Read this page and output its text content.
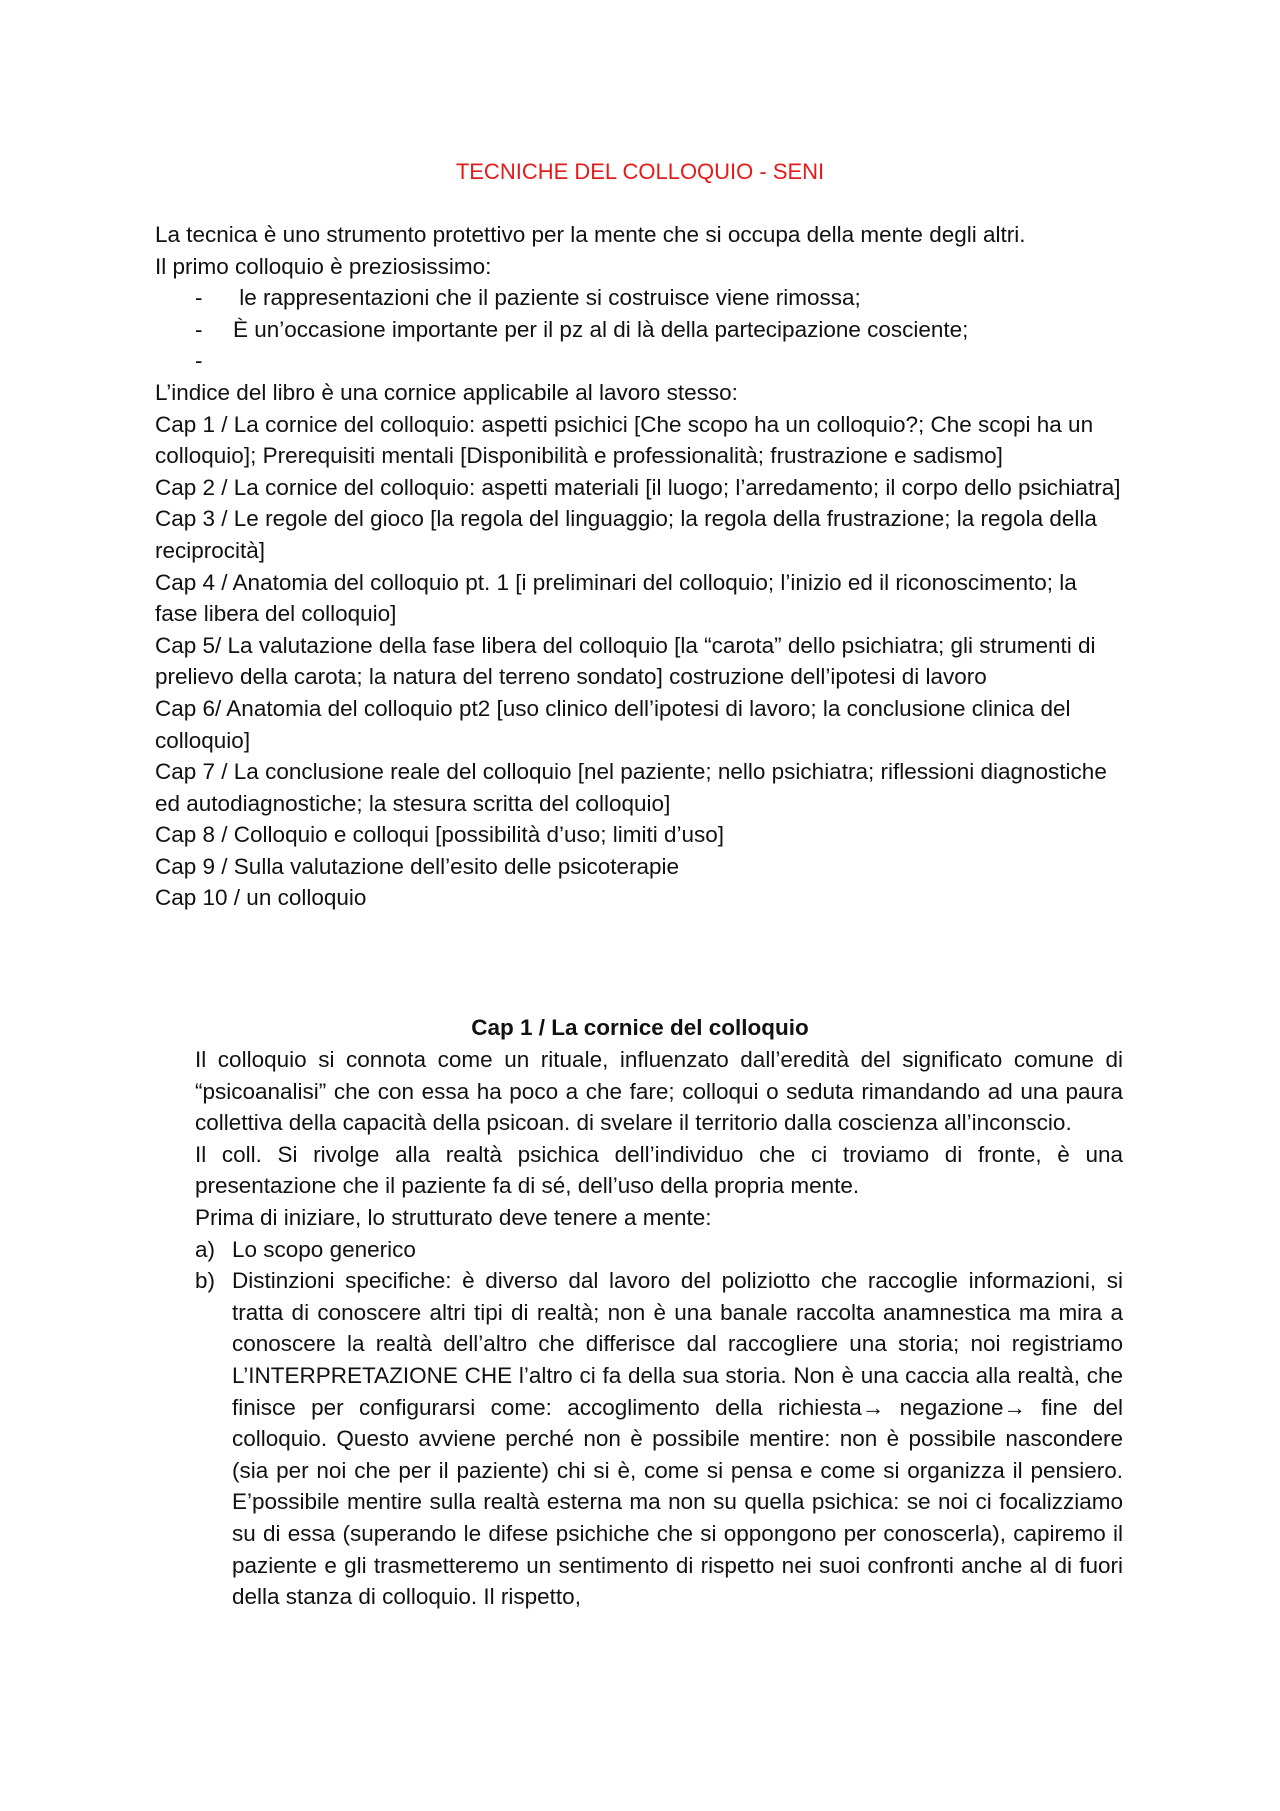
TECNICHE DEL COLLOQUIO - SENI

La tecnica è uno strumento protettivo per la mente che si occupa della mente degli altri.

Il primo colloquio è preziosissimo:

- le rappresentazioni che il paziente si costruisce viene rimossa;

- È un’occasione importante per il pz al di là della partecipazione cosciente;

-

L’indice del libro è una cornice applicabile al lavoro stesso:

Cap 1 / La cornice del colloquio: aspetti psichici [Che scopo ha un colloquio?; Che scopi ha un colloquio]; Prerequisiti mentali [Disponibilità e professionalità; frustrazione e sadismo]

Cap 2 / La cornice del colloquio: aspetti materiali [il luogo; l’arredamento; il corpo dello psichiatra]

Cap 3 / Le regole del gioco [la regola del linguaggio; la regola della frustrazione; la regola della reciprocità]

Cap 4 / Anatomia del colloquio pt. 1 [i preliminari del colloquio; l’inizio ed il riconoscimento; la fase libera del colloquio]

Cap 5/ La valutazione della fase libera del colloquio [la “carota” dello psichiatra; gli strumenti di prelievo della carota; la natura del terreno sondato] costruzione dell’ipotesi di lavoro

Cap 6/ Anatomia del colloquio pt2 [uso clinico dell’ipotesi di lavoro; la conclusione clinica del colloquio]

Cap 7 / La conclusione reale del colloquio [nel paziente; nello psichiatra; riflessioni diagnostiche ed autodiagnostiche; la stesura scritta del colloquio]

Cap 8 / Colloquio e colloqui [possibilità d’uso; limiti d’uso]

Cap 9 / Sulla valutazione dell’esito delle psicoterapie

Cap 10 / un colloquio

Cap 1 / La cornice del colloquio

Il colloquio si connota come un rituale, influenzato dall’eredità del significato comune di “psicoanalisi” che con essa ha poco a che fare; colloqui o seduta rimandando ad una paura collettiva della capacità della psicoan. di svelare il territorio dalla coscienza all’inconscio.

Il coll. Si rivolge alla realtà psichica dell’individuo che ci troviamo di fronte, è una presentazione che il paziente fa di sé, dell’uso della propria mente.

Prima di iniziare, lo strutturato deve tenere a mente:

a) Lo scopo generico

b) Distinzioni specifiche: è diverso dal lavoro del poliziotto che raccoglie informazioni, si tratta di conoscere altri tipi di realtà; non è una banale raccolta anamnestica ma mira a conoscere la realtà dell’altro che differisce dal raccogliere una storia; noi registriamo L’INTERPRETAZIONE CHE l’altro ci fa della sua storia. Non è una caccia alla realtà, che finisce per configurarsi come: accoglimento della richiesta→ negazione→ fine del colloquio. Questo avviene perché non è possibile mentire: non è possibile nascondere (sia per noi che per il paziente) chi si è, come si pensa e come si organizza il pensiero. E’possibile mentire sulla realtà esterna ma non su quella psichica: se noi ci focalizziamo su di essa (superando le difese psichiche che si oppongono per conoscerla), capiremo il paziente e gli trasmetteremo un sentimento di rispetto nei suoi confronti anche al di fuori della stanza di colloquio. Il rispetto,
